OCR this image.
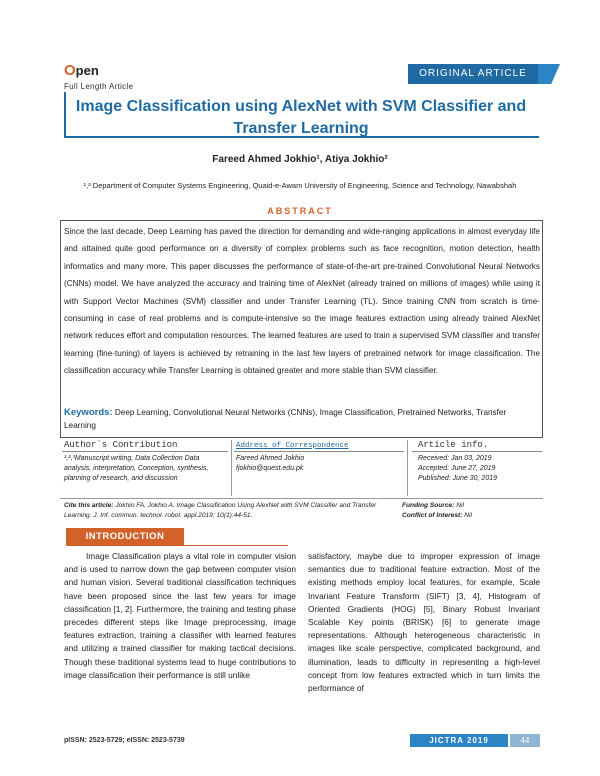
Open
Full Length Article
ORIGINAL ARTICLE
Image Classification using AlexNet with SVM Classifier and Transfer Learning
Fareed Ahmed Jokhio¹, Atiya Jokhio²
¹,² Department of Computer Systems Engineering, Quaid-e-Awam University of Engineering, Science and Technology, Nawabshah
ABSTRACT
Since the last decade, Deep Learning has paved the direction for demanding and wide-ranging applications in almost everyday life and attained quite good performance on a diversity of complex problems such as face recognition, motion detection, health informatics and many more. This paper discusses the performance of state-of-the-art pre-trained Convolutional Neural Networks (CNNs) model. We have analyzed the accuracy and training time of AlexNet (already trained on millions of images) while using it with Support Vector Machines (SVM) classifier and under Transfer Learning (TL). Since training CNN from scratch is time-consuming in case of real problems and is compute-intensive so the image features extraction using already trained AlexNet network reduces effort and computation resources. The learned features are used to train a supervised SVM classifier and transfer learning (fine-tuning) of layers is achieved by retraining in the last few layers of pretrained network for image classification. The classification accuracy while Transfer Learning is obtained greater and more stable than SVM classifier.
Keywords: Deep Learning, Convolutional Neural Networks (CNNs), Image Classification, Pretrained Networks, Transfer Learning
Author`s Contribution
¹,²,³Manuscript writing, Data Collection Data analysis, interpretation, Conception, synthesis, planning of research, and discussion
Address of Correspondence
Fareed Ahmed Jokhio
fjokhio@quest.edu.pk
Article info.
Received: Jan 03, 2019
Accepted: June 27, 2019
Published: June 30, 2019
Cite this article: Jokhio FA, Jokhio A. Image Classification Using AlexNet with SVM Classifier and Transfer Learning. J. Inf. commun. technol. robot. appl.2019; 10(1):44-51.
Funding Source: Nil
Conflict of Interest: Nil
INTRODUCTION
Image Classification plays a vital role in computer vision and is used to narrow down the gap between computer vision and human vision. Several traditional classification techniques have been proposed since the last few years for image classification [1, 2]. Furthermore, the training and testing phase precedes different steps like Image preprocessing, image features extraction, training a classifier with learned features and utilizing a trained classifier for making tactical decisions. Though these traditional systems lead to huge contributions to image classification their performance is still unlike
satisfactory, maybe due to improper expression of image semantics due to traditional feature extraction. Most of the existing methods employ local features, for example, Scale Invariant Feature Transform (SIFT) [3, 4], Histogram of Oriented Gradients (HOG) [5], Binary Robust Invariant Scalable Key points (BRISK) [6] to generate image representations. Although heterogeneous characteristic in images like scale perspective, complicated background, and illumination, leads to difficulty in representing a high-level concept from low features extracted which in turn limits the performance of
pISSN: 2523-5729; eISSN: 2523-5739	JICTRA 2019	44
